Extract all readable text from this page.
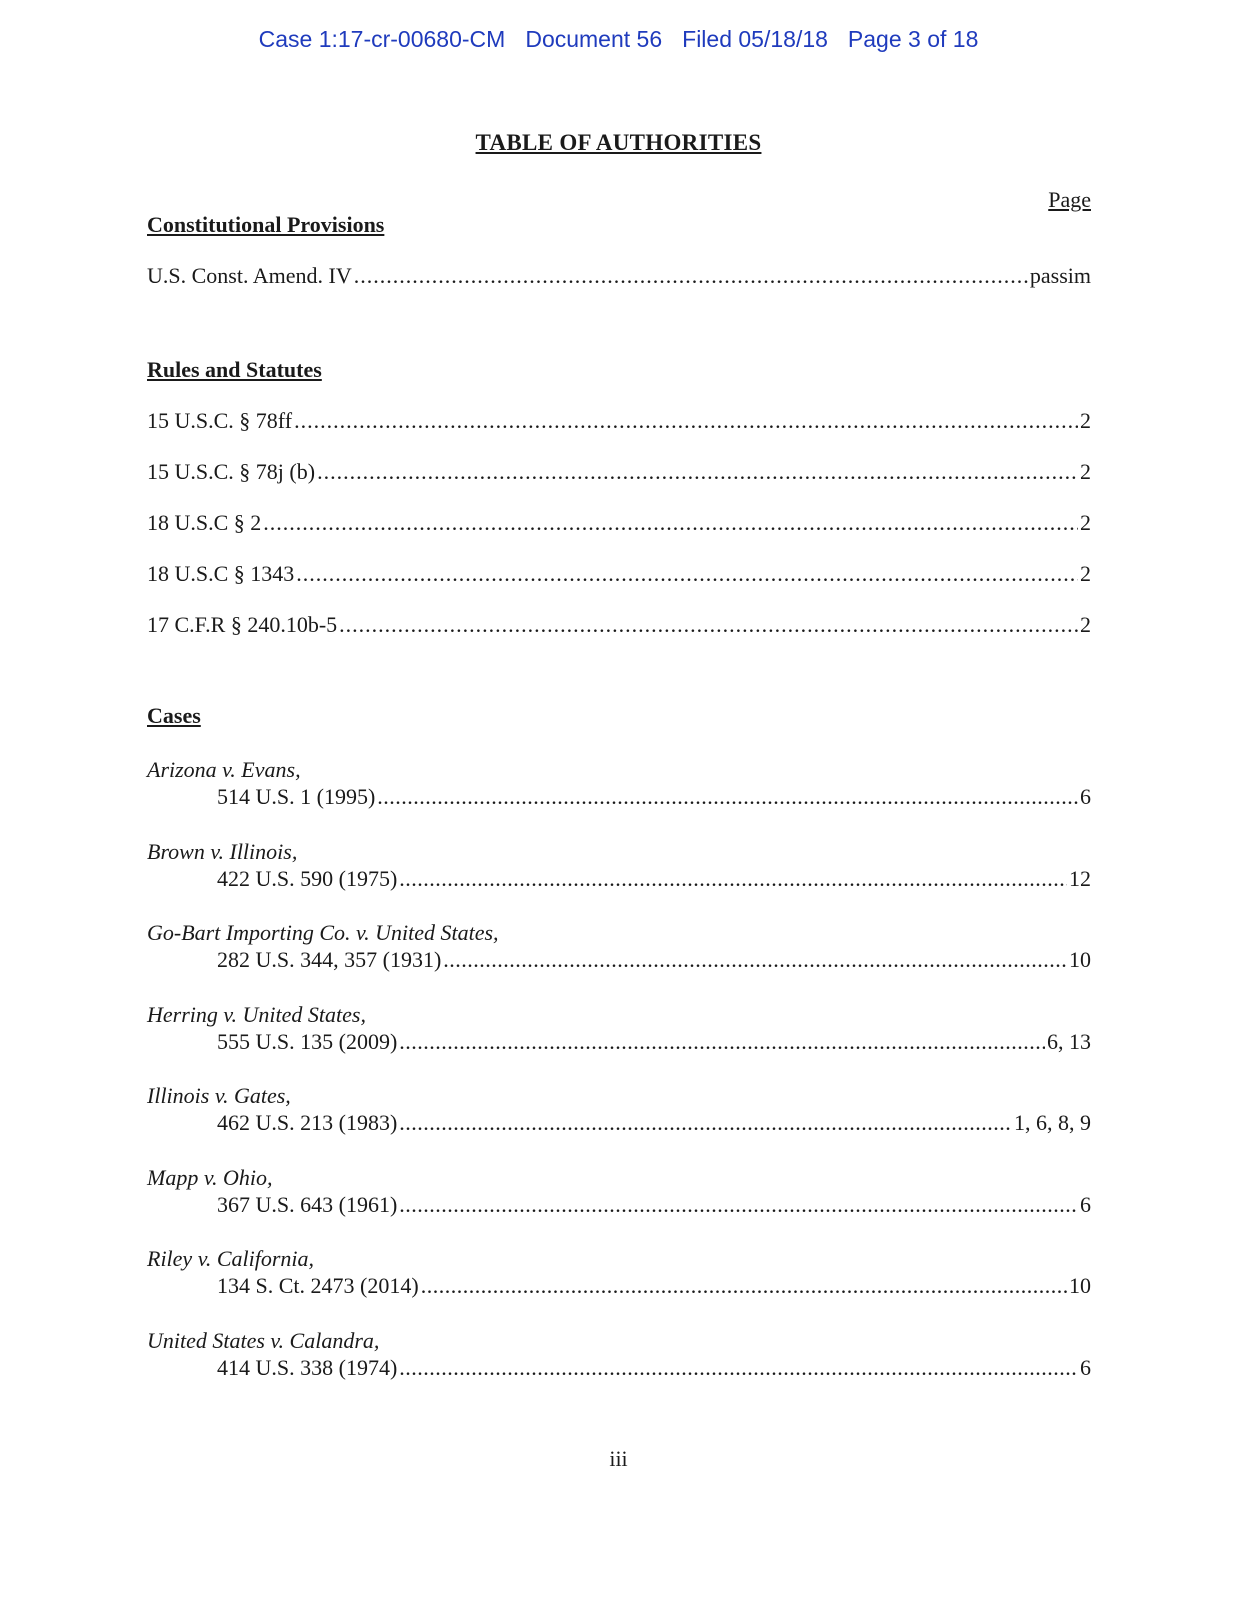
Case 1:17-cr-00680-CM Document 56 Filed 05/18/18 Page 3 of 18
TABLE OF AUTHORITIES
Page
Constitutional Provisions
U.S. Const. Amend. IV .....	passim
Rules and Statutes
15 U.S.C. § 78ff .....	2
15 U.S.C. § 78j (b) .....	2
18 U.S.C § 2 .....	2
18 U.S.C § 1343 .....	2
17 C.F.R § 240.10b-5 .....	2
Cases
Arizona v. Evans,
514 U.S. 1 (1995) .....	6
Brown v. Illinois,
422 U.S. 590 (1975) .....	12
Go-Bart Importing Co. v. United States,
282 U.S. 344, 357 (1931) .....	10
Herring v. United States,
555 U.S. 135 (2009) .....	6, 13
Illinois v. Gates,
462 U.S. 213 (1983) .....	1, 6, 8, 9
Mapp v. Ohio,
367 U.S. 643 (1961) .....	6
Riley v. California,
134 S. Ct. 2473 (2014) .....	10
United States v. Calandra,
414 U.S. 338 (1974) .....	6
iii
